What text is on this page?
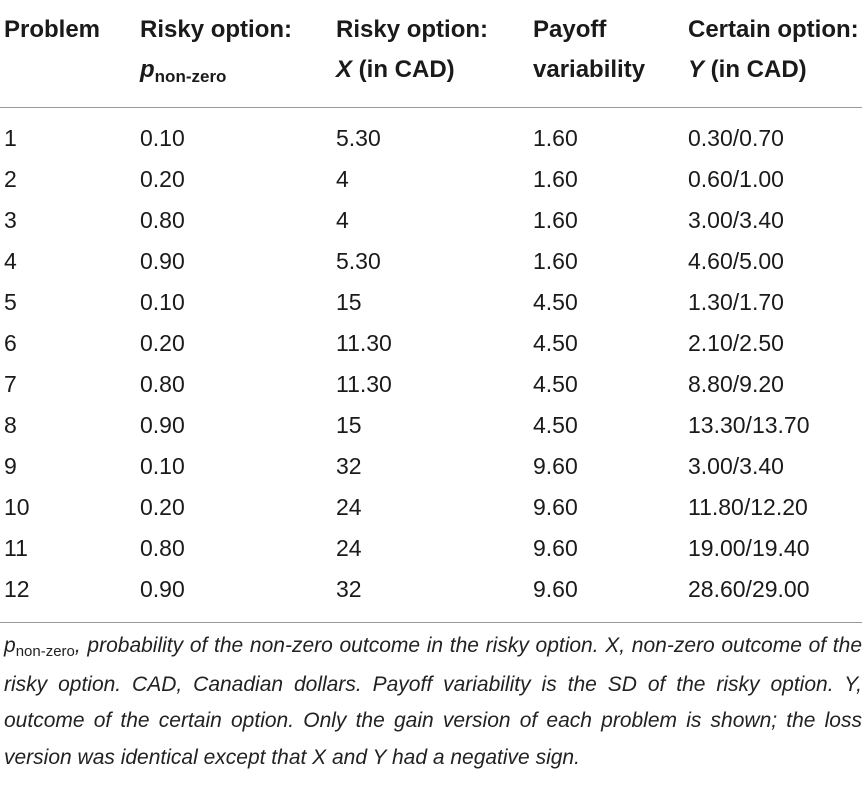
Problem	Risky option:	Risky option:	Payoff	Certain option:
	$p_{non-zero}$	X (in CAD)	variability	Y (in CAD)
1	0.10	5.30	1.60	0.30/0.70
2	0.20	4	1.60	0.60/1.00
3	0.80	4	1.60	3.00/3.40
4	0.90	5.30	1.60	4.60/5.00
5	0.10	15	4.50	1.30/1.70
6	0.20	11.30	4.50	2.10/2.50
7	0.80	11.30	4.50	8.80/9.20
8	0.90	15	4.50	13.30/13.70
9	0.10	32	9.60	3.00/3.40
10	0.20	24	9.60	11.80/12.20
11	0.80	24	9.60	19.00/19.40
12	0.90	32	9.60	28.60/29.00
pnon-zero, probability of the non-zero outcome in the risky option. X, non-zero outcome of the risky option. CAD, Canadian dollars. Payoff variability is the SD of the risky option. Y, outcome of the certain option. Only the gain version of each problem is shown; the loss version was identical except that X and Y had a negative sign.
